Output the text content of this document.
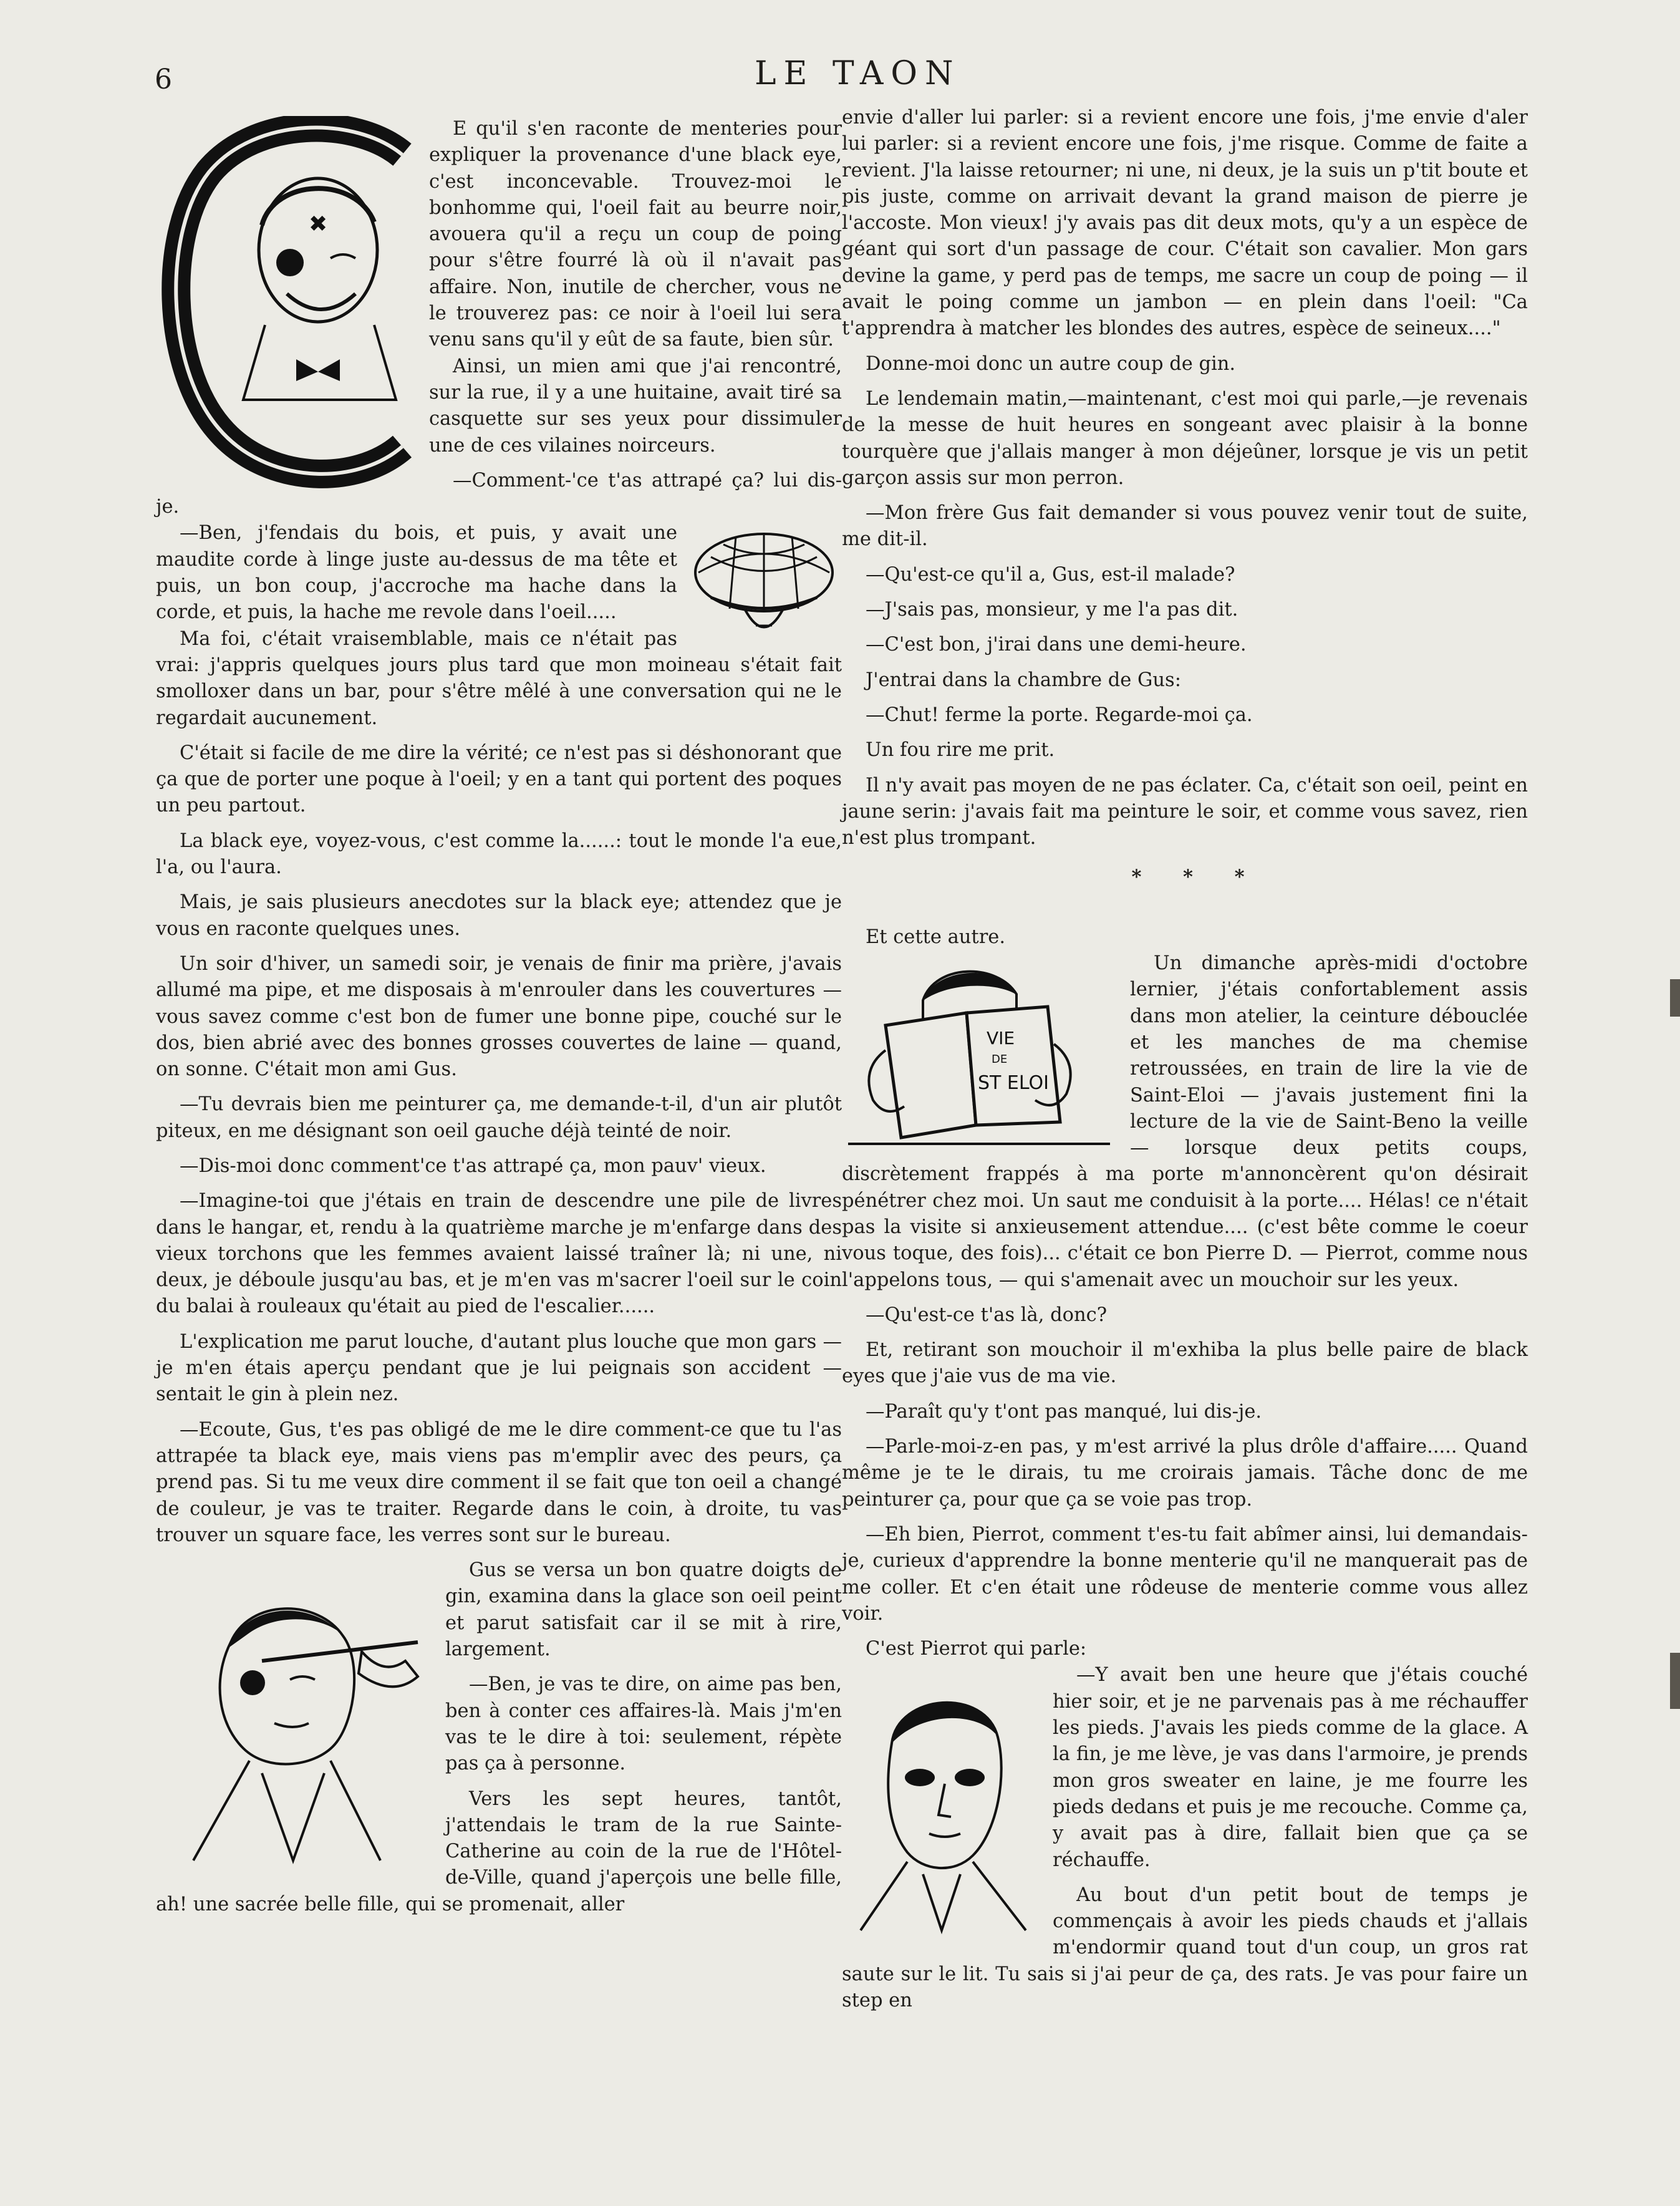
6	LE TAON
✖

E qu'il s'en raconte de menteries pour expliquer la provenance d'une black eye, c'est inconcevable. Trouvez-moi le bonhomme qui, l'oeil fait au beurre noir, avouera qu'il a reçu un coup de poing pour s'être fourré là où il n'avait pas affaire. Non, inutile de chercher, vous ne le trouverez pas: ce noir à l'oeil lui sera venu sans qu'il y eût de sa faute, bien sûr.

Ainsi, un mien ami que j'ai rencontré, sur la rue, il y a une huitaine, avait tiré sa casquette sur ses yeux pour dissimuler une de ces vilaines noirceurs.

—Comment-'ce t'as attrapé ça? lui dis-je.

—Ben, j'fendais du bois, et puis, y avait une maudite corde à linge juste au-dessus de ma tête et puis, un bon coup, j'accroche ma hache dans la corde, et puis, la hache me revole dans l'oeil.....

Ma foi, c'était vraisemblable, mais ce n'était pas vrai: j'appris quelques jours plus tard que mon moineau s'était fait smolloxer dans un bar, pour s'être mêlé à une conversation qui ne le regardait aucunement.

C'était si facile de me dire la vérité; ce n'est pas si déshonorant que ça que de porter une poque à l'oeil; y en a tant qui portent des poques un peu partout.

La black eye, voyez-vous, c'est comme la......: tout le monde l'a eue, l'a, ou l'aura.

Mais, je sais plusieurs anecdotes sur la black eye; attendez que je vous en raconte quelques unes.

Un soir d'hiver, un samedi soir, je venais de finir ma prière, j'avais allumé ma pipe, et me disposais à m'enrouler dans les couvertures — vous savez comme c'est bon de fumer une bonne pipe, couché sur le dos, bien abrié avec des bonnes grosses couvertes de laine — quand, on sonne. C'était mon ami Gus.

—Tu devrais bien me peinturer ça, me demande-t-il, d'un air plutôt piteux, en me désignant son oeil gauche déjà teinté de noir.

—Dis-moi donc comment'ce t'as attrapé ça, mon pauv' vieux.

—Imagine-toi que j'étais en train de descendre une pile de livres dans le hangar, et, rendu à la quatrième marche je m'enfarge dans des vieux torchons que les femmes avaient laissé traîner là; ni une, ni deux, je déboule jusqu'au bas, et je m'en vas m'sacrer l'oeil sur le coin du balai à rouleaux qu'était au pied de l'escalier......

L'explication me parut louche, d'autant plus louche que mon gars — je m'en étais aperçu pendant que je lui peignais son accident — sentait le gin à plein nez.

—Ecoute, Gus, t'es pas obligé de me le dire comment-ce que tu l'as attrapée ta black eye, mais viens pas m'emplir avec des peurs, ça prend pas. Si tu me veux dire comment il se fait que ton oeil a changé de couleur, je vas te traiter. Regarde dans le coin, à droite, tu vas trouver un square face, les verres sont sur le bureau.

Gus se versa un bon quatre doigts de gin, examina dans la glace son oeil peint et parut satisfait car il se mit à rire, largement.

—Ben, je vas te dire, on aime pas ben, ben à conter ces affaires-là. Mais j'm'en vas te le dire à toi: seulement, répète pas ça à personne.

Vers les sept heures, tantôt, j'attendais le tram de la rue Sainte-Catherine au coin de la rue de l'Hôtel-de-Ville, quand j'aperçois une belle fille, ah! une sacrée belle fille, qui se promenait, aller

envie d'aller lui parler: si a revient encore une fois, j'me envie d'aler lui parler: si a revient encore une fois, j'me risque. Comme de faite a revient. J'la laisse retourner; ni une, ni deux, je la suis un p'tit boute et pis juste, comme on arrivait devant la grand maison de pierre je l'accoste. Mon vieux! j'y avais pas dit deux mots, qu'y a un espèce de géant qui sort d'un passage de cour. C'était son cavalier. Mon gars devine la game, y perd pas de temps, me sacre un coup de poing — il avait le poing comme un jambon — en plein dans l'oeil: "Ca t'apprendra à matcher les blondes des autres, espèce de seineux...."

Donne-moi donc un autre coup de gin.

Le lendemain matin,—maintenant, c'est moi qui parle,—je revenais de la messe de huit heures en songeant avec plaisir à la bonne tourquère que j'allais manger à mon déjeûner, lorsque je vis un petit garçon assis sur mon perron.

—Mon frère Gus fait demander si vous pouvez venir tout de suite, me dit-il.

—Qu'est-ce qu'il a, Gus, est-il malade?

—J'sais pas, monsieur, y me l'a pas dit.

—C'est bon, j'irai dans une demi-heure.

J'entrai dans la chambre de Gus:

—Chut! ferme la porte. Regarde-moi ça.

Un fou rire me prit.

Il n'y avait pas moyen de ne pas éclater. Ca, c'était son oeil, peint en jaune serin: j'avais fait ma peinture le soir, et comme vous savez, rien n'est plus trompant.

* * *

Et cette autre.

VIE
DE
ST ELOI

Un dimanche après-midi d'octobre lernier, j'étais confortablement assis dans mon atelier, la ceinture débouclée et les manches de ma chemise retroussées, en train de lire la vie de Saint-Eloi — j'avais justement fini la lecture de la vie de Saint-Beno la veille — lorsque deux petits coups, discrètement frappés à ma porte m'annoncèrent qu'on désirait pénétrer chez moi. Un saut me conduisit à la porte.... Hélas! ce n'était pas la visite si anxieusement attendue.... (c'est bête comme le coeur vous toque, des fois)... c'était ce bon Pierre D. — Pierrot, comme nous l'appelons tous, — qui s'amenait avec un mouchoir sur les yeux.

—Qu'est-ce t'as là, donc?

Et, retirant son mouchoir il m'exhiba la plus belle paire de black eyes que j'aie vus de ma vie.

—Paraît qu'y t'ont pas manqué, lui dis-je.

—Parle-moi-z-en pas, y m'est arrivé la plus drôle d'affaire..... Quand même je te le dirais, tu me croirais jamais. Tâche donc de me peinturer ça, pour que ça se voie pas trop.

—Eh bien, Pierrot, comment t'es-tu fait abîmer ainsi, lui demandais-je, curieux d'apprendre la bonne menterie qu'il ne manquerait pas de me coller. Et c'en était une rôdeuse de menterie comme vous allez voir.

C'est Pierrot qui parle:

—Y avait ben une heure que j'étais couché hier soir, et je ne parvenais pas à me réchauffer les pieds. J'avais les pieds comme de la glace. A la fin, je me lève, je vas dans l'armoire, je prends mon gros sweater en laine, je me fourre les pieds dedans et puis je me recouche. Comme ça, y avait pas à dire, fallait bien que ça se réchauffe.

Au bout d'un petit bout de temps je commençais à avoir les pieds chauds et j'allais m'endormir quand tout d'un coup, un gros rat saute sur le lit. Tu sais si j'ai peur de ça, des rats. Je vas pour faire un step en
